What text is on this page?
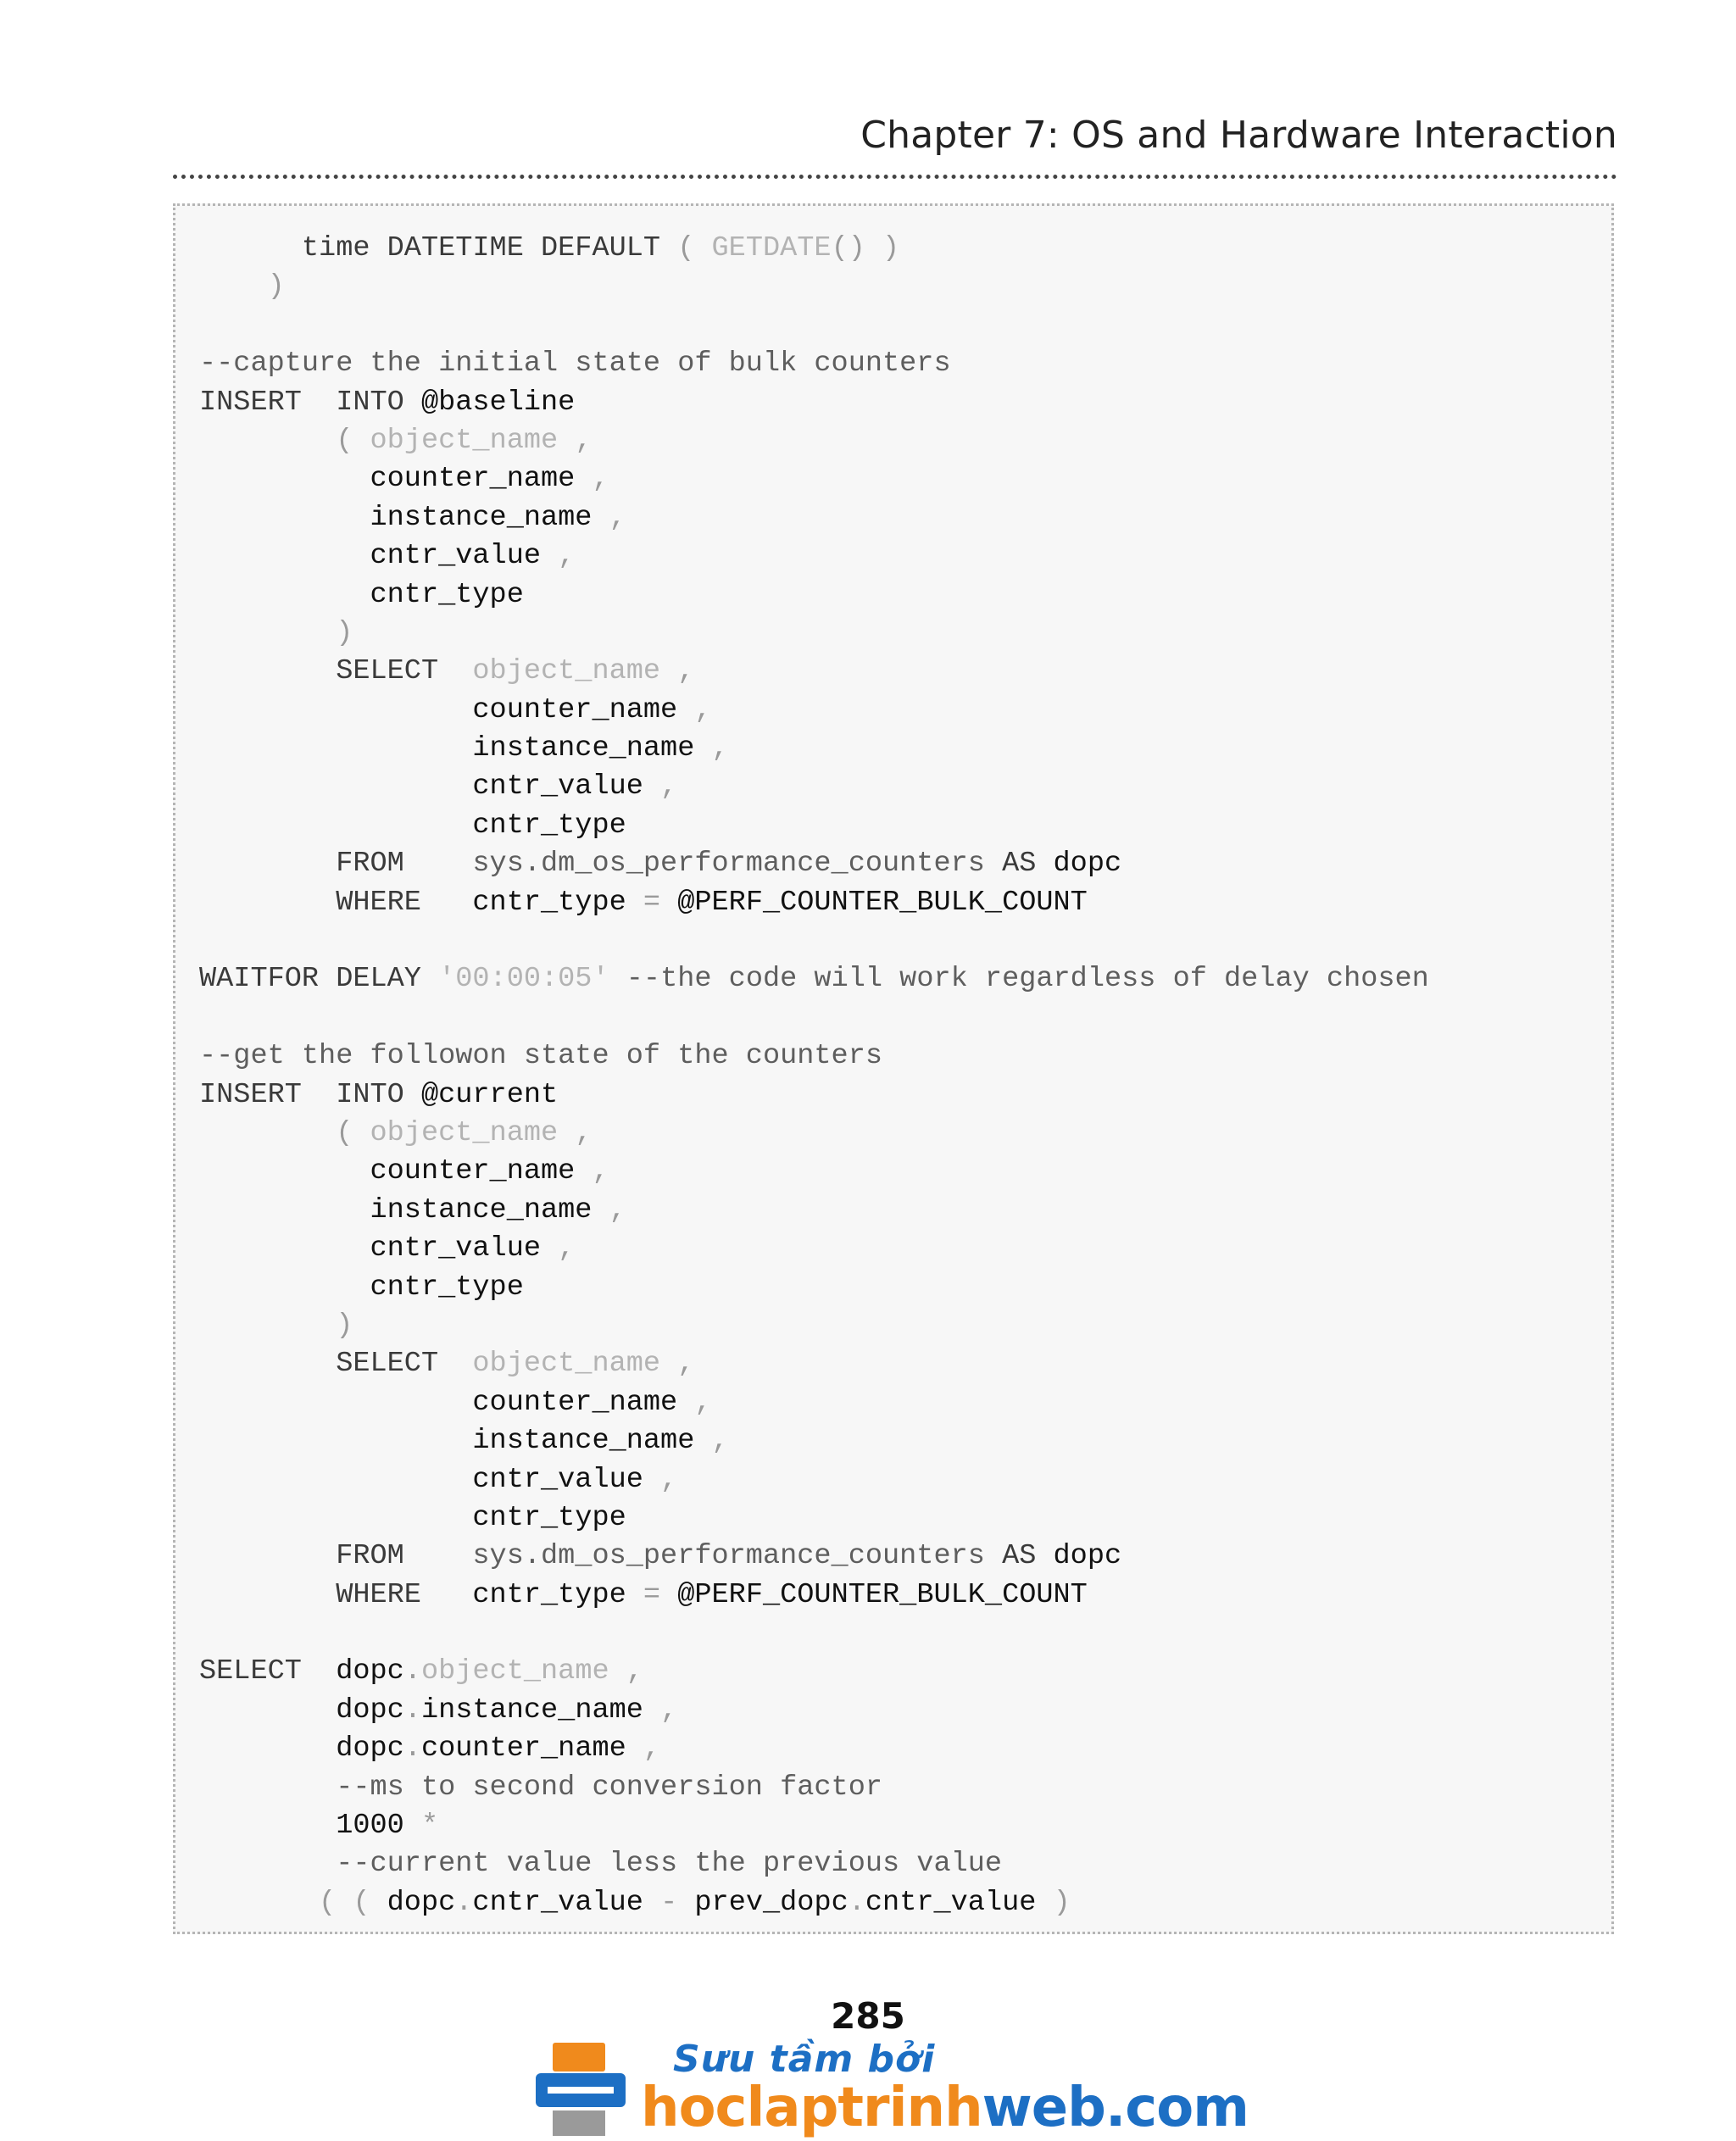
Chapter 7: OS and Hardware Interaction
time DATETIME DEFAULT ( GETDATE() )
)

--capture the initial state of bulk counters
INSERT  INTO @baseline
( object_name ,
counter_name ,
instance_name ,
cntr_value ,
cntr_type
)
SELECT  object_name ,
counter_name ,
instance_name ,
cntr_value ,
cntr_type
FROM    sys.dm_os_performance_counters AS dopc
WHERE   cntr_type = @PERF_COUNTER_BULK_COUNT

WAITFOR DELAY '00:00:05' --the code will work regardless of delay chosen

--get the followon state of the counters
INSERT  INTO @current
( object_name ,
counter_name ,
instance_name ,
cntr_value ,
cntr_type
)
SELECT  object_name ,
counter_name ,
instance_name ,
cntr_value ,
cntr_type
FROM    sys.dm_os_performance_counters AS dopc
WHERE   cntr_type = @PERF_COUNTER_BULK_COUNT

SELECT  dopc.object_name ,
dopc.instance_name ,
dopc.counter_name ,
--ms to second conversion factor
1000 *
--current value less the previous value
( ( dopc.cntr_value - prev_dopc.cntr_value )
285
Sưu tầm bởi
hoclaptrinhweb.com
